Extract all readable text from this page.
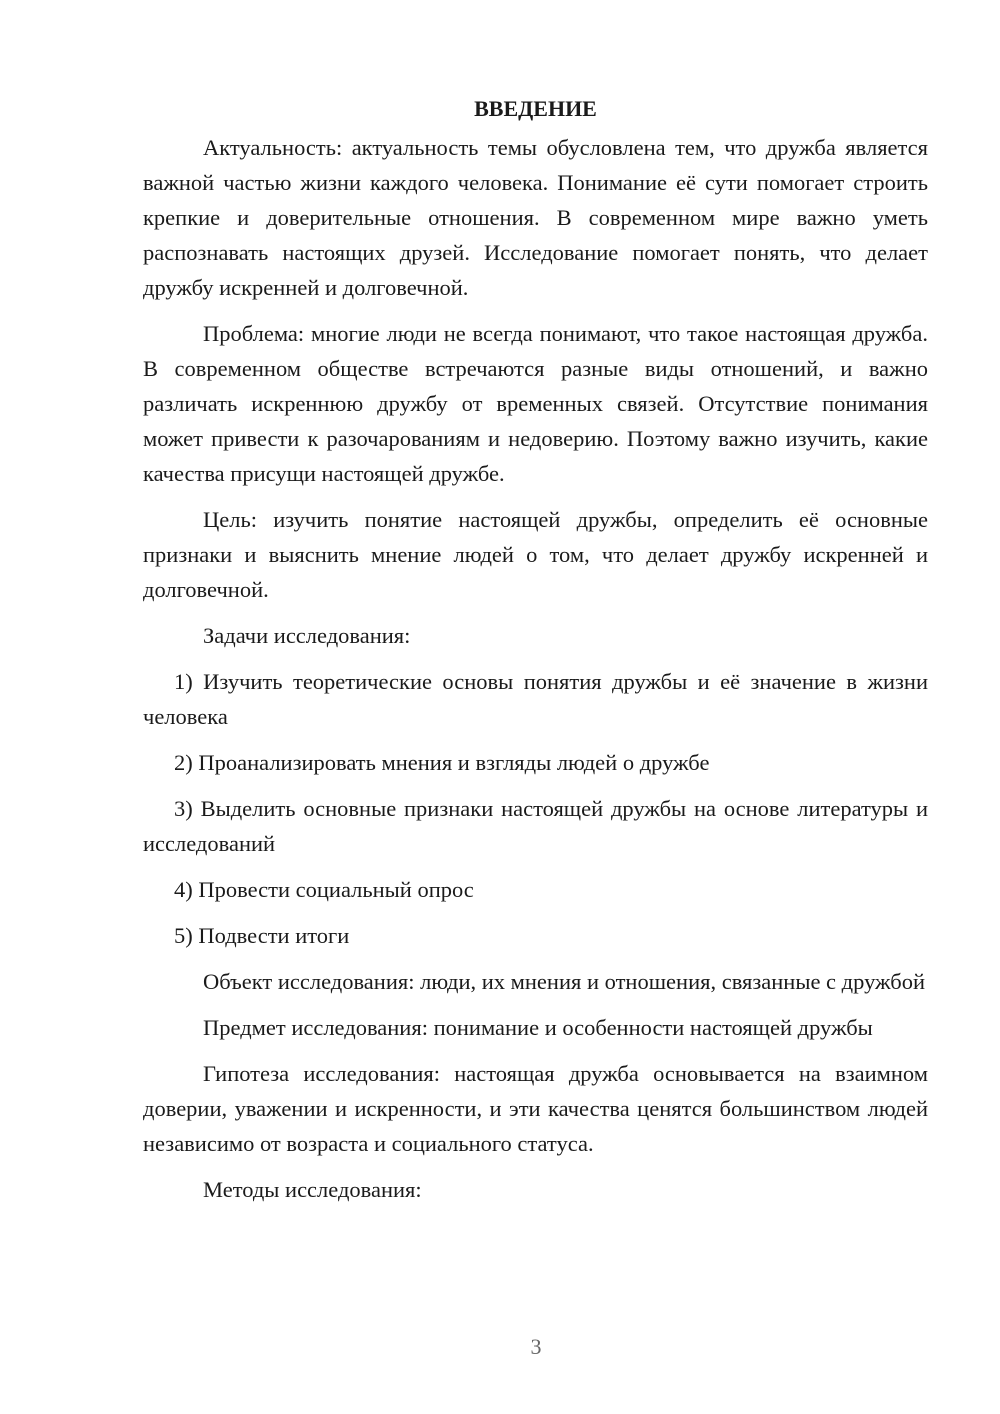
ВВЕДЕНИЕ

Актуальность: актуальность темы обусловлена тем, что дружба является важной частью жизни каждого человека. Понимание её сути помогает строить крепкие и доверительные отношения. В современном мире важно уметь распознавать настоящих друзей. Исследование помогает понять, что делает дружбу искренней и долговечной.

Проблема: многие люди не всегда понимают, что такое настоящая дружба. В современном обществе встречаются разные виды отношений, и важно различать искреннюю дружбу от временных связей. Отсутствие понимания может привести к разочарованиям и недоверию. Поэтому важно изучить, какие качества присущи настоящей дружбе.

Цель: изучить понятие настоящей дружбы, определить её основные признаки и выяснить мнение людей о том, что делает дружбу искренней и долговечной.

Задачи исследования:

1) Изучить теоретические основы понятия дружбы и её значение в жизни человека

2) Проанализировать мнения и взгляды людей о дружбе

3) Выделить основные признаки настоящей дружбы на основе литературы и исследований

4) Провести социальный опрос

5) Подвести итоги

Объект исследования: люди, их мнения и отношения, связанные с дружбой

Предмет исследования: понимание и особенности настоящей дружбы

Гипотеза исследования: настоящая дружба основывается на взаимном доверии, уважении и искренности, и эти качества ценятся большинством людей независимо от возраста и социального статуса.

Методы исследования:

3
